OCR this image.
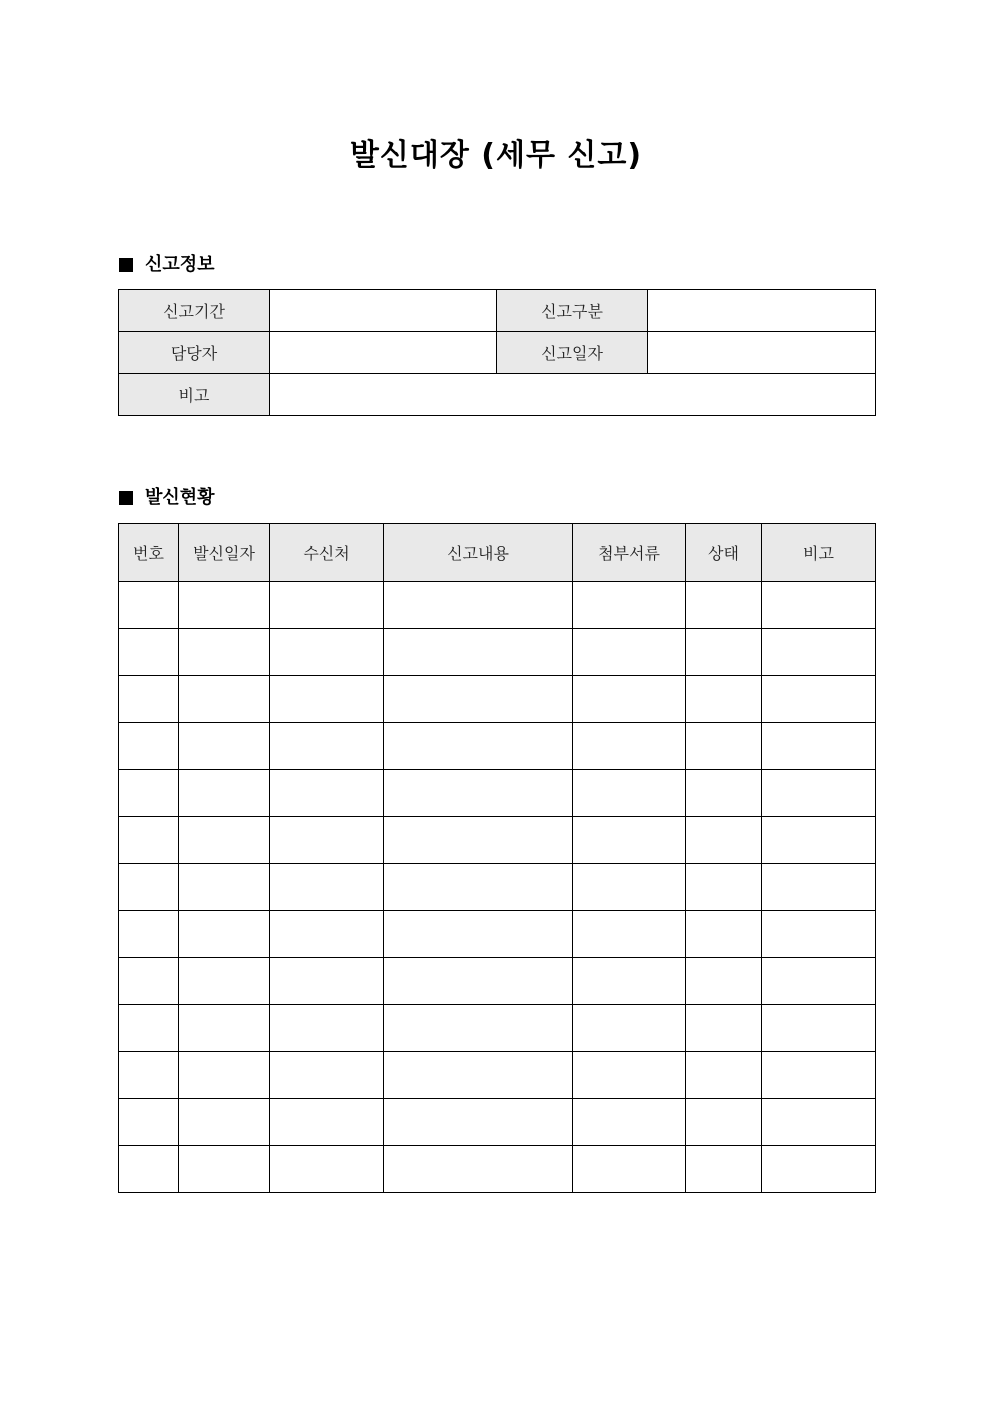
발신대장 (세무 신고)
신고정보
신고기간		신고구분	
담당자		신고일자	
비고			
발신현황
번호	발신일자	수신처	신고내용	첨부서류	상태	비고
